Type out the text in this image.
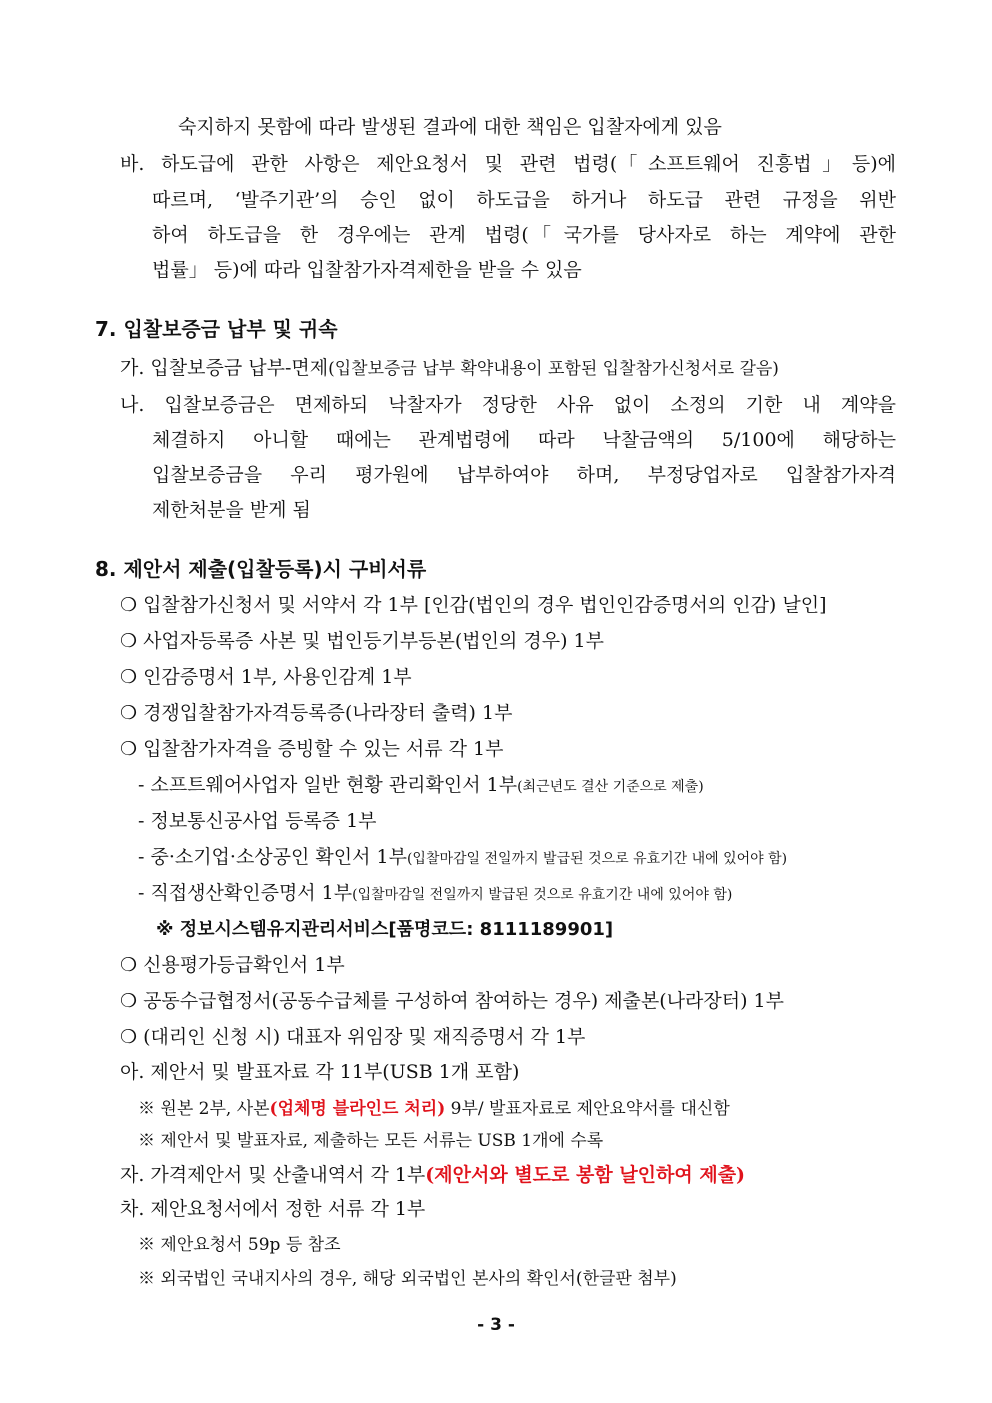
숙지하지 못함에 따라 발생된 결과에 대한 책임은 입찰자에게 있음
바. 하도급에 관한 사항은 제안요청서 및 관련 법령(「소프트웨어 진흥법」등)에
따르며, ‘발주기관’의 승인 없이 하도급을 하거나 하도급 관련 규정을 위반
하여 하도급을 한 경우에는 관계 법령(「국가를 당사자로 하는 계약에 관한
법률」 등)에 따라 입찰참가자격제한을 받을 수 있음
7. 입찰보증금 납부 및 귀속
가. 입찰보증금 납부-면제(입찰보증금 납부 확약내용이 포함된 입찰참가신청서로 갈음)
나. 입찰보증금은 면제하되 낙찰자가 정당한 사유 없이 소정의 기한 내 계약을
체결하지 아니할 때에는 관계법령에 따라 낙찰금액의 5/100에 해당하는
입찰보증금을 우리 평가원에 납부하여야 하며, 부정당업자로 입찰참가자격
제한처분을 받게 됨
8. 제안서 제출(입찰등록)시 구비서류
❍ 입찰참가신청서 및 서약서 각 1부 [인감(법인의 경우 법인인감증명서의 인감) 날인]
❍ 사업자등록증 사본 및 법인등기부등본(법인의 경우) 1부
❍ 인감증명서 1부, 사용인감계 1부
❍ 경쟁입찰참가자격등록증(나라장터 출력) 1부
❍ 입찰참가자격을 증빙할 수 있는 서류 각 1부
- 소프트웨어사업자 일반 현황 관리확인서 1부(최근년도 결산 기준으로 제출)
- 정보통신공사업 등록증 1부
- 중·소기업·소상공인 확인서 1부(입찰마감일 전일까지 발급된 것으로 유효기간 내에 있어야 함)
- 직접생산확인증명서 1부(입찰마감일 전일까지 발급된 것으로 유효기간 내에 있어야 함)
※ 정보시스템유지관리서비스[품명코드: 8111189901]
❍ 신용평가등급확인서 1부
❍ 공동수급협정서(공동수급체를 구성하여 참여하는 경우) 제출본(나라장터) 1부
❍ (대리인 신청 시) 대표자 위임장 및 재직증명서 각 1부
아. 제안서 및 발표자료 각 11부(USB 1개 포함)
※ 원본 2부, 사본(업체명 블라인드 처리) 9부/ 발표자료로 제안요약서를 대신함
※ 제안서 및 발표자료, 제출하는 모든 서류는 USB 1개에 수록
자. 가격제안서 및 산출내역서 각 1부(제안서와 별도로 봉함 날인하여 제출)
차. 제안요청서에서 정한 서류 각 1부
※ 제안요청서 59p 등 참조
※ 외국법인 국내지사의 경우, 해당 외국법인 본사의 확인서(한글판 첨부)
- 3 -
